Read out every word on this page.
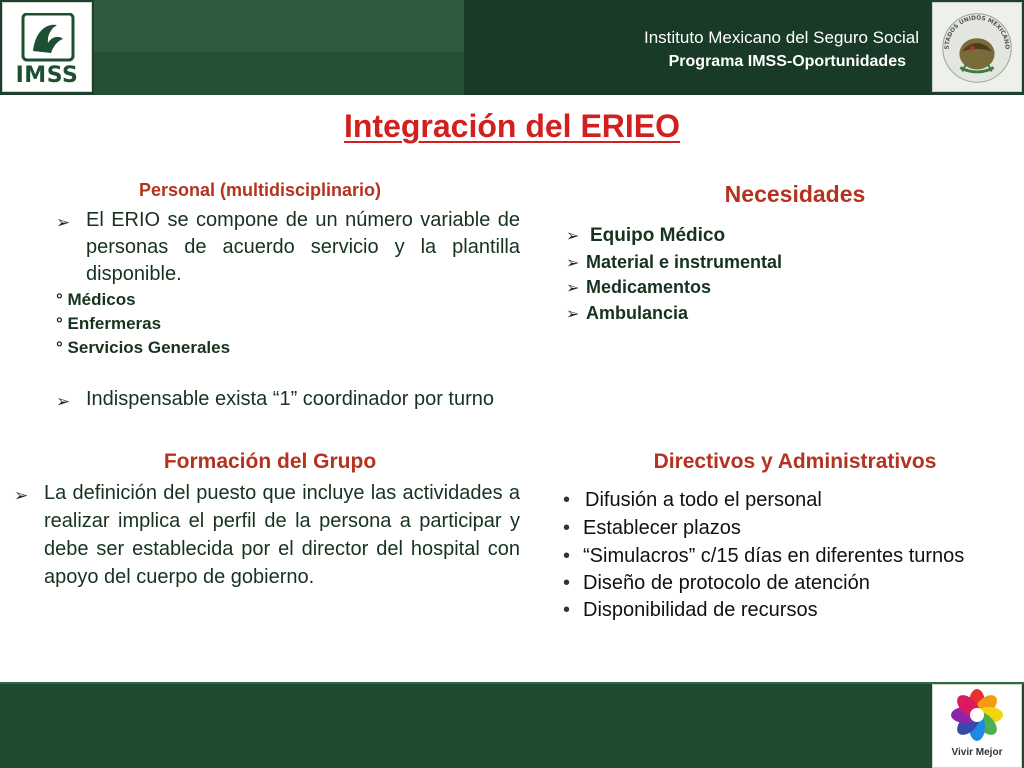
IMSS
Instituto Mexicano del Seguro Social
Programa IMSS-Oportunidades
STADOS UNIDOS MEXICANO
Integración del ERIEO
Personal (multidisciplinario)
➢ El ERIO se compone de un número variable de personas de acuerdo servicio y la plantilla disponible.
° Médicos
° Enfermeras
° Servicios Generales
➢ Indispensable exista “1” coordinador por turno
Necesidades
➢ Equipo Médico
➢ Material e instrumental
➢ Medicamentos
➢ Ambulancia
Formación del Grupo
➢ La definición del puesto que incluye las actividades a realizar implica el perfil de la persona a participar y debe ser establecida por el director del hospital con apoyo del cuerpo de gobierno.
Directivos y Administrativos
• Difusión a todo el personal
• Establecer plazos
• “Simulacros” c/15 días en diferentes turnos
• Diseño de protocolo de atención
• Disponibilidad de recursos
Vivir Mejor
